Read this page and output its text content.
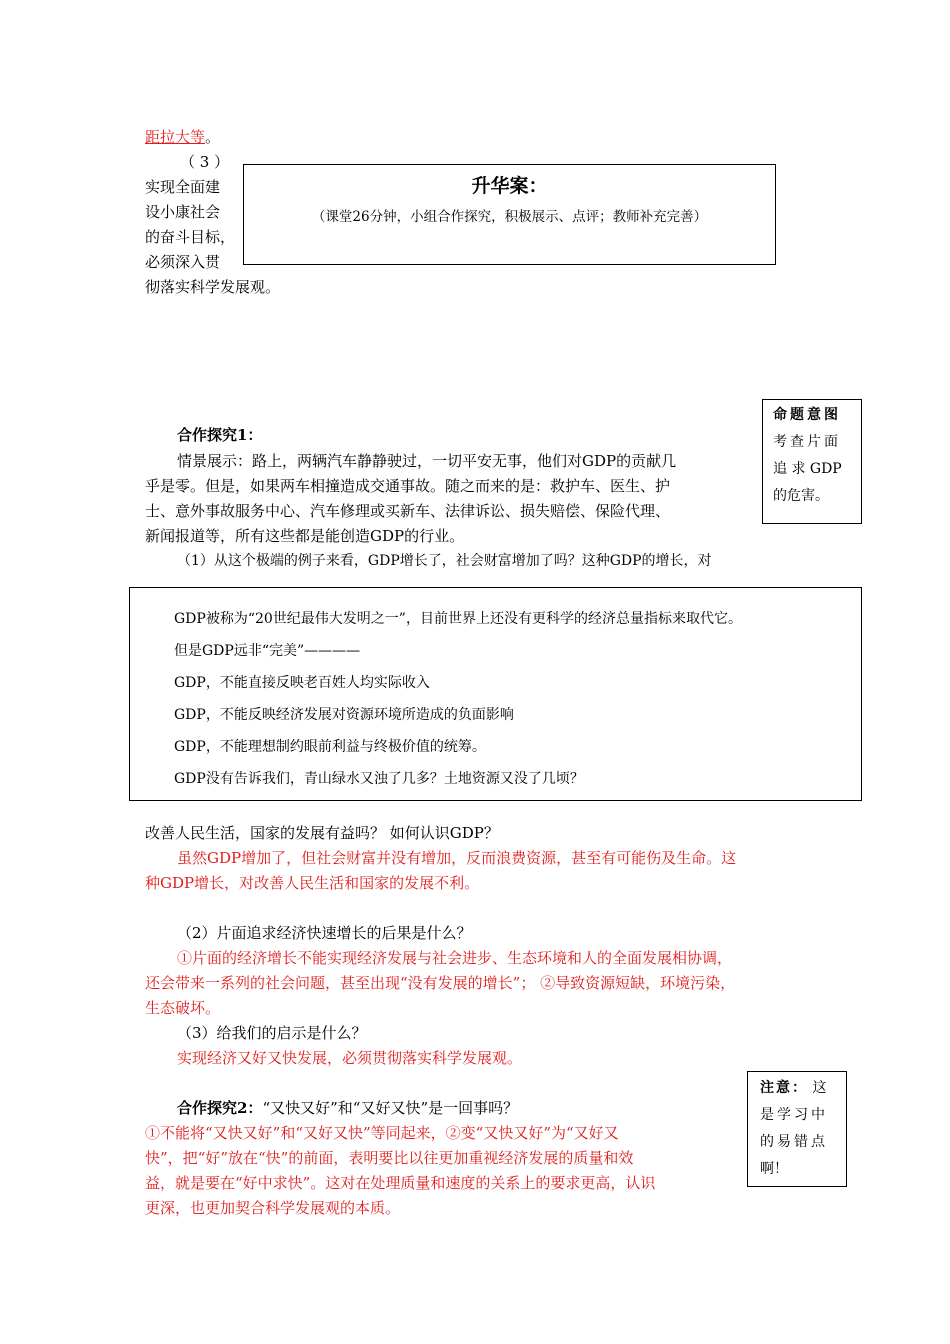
距拉大等。
（ 3 ）
实现全面建
设小康社会
的奋斗目标，
必须深入贯
彻落实科学发展观。
升华案：
（课堂26分钟，小组合作探究，积极展示、点评；教师补充完善）
命题意图
考查片面
追 求 GDP
的危害。
合作探究1：
情景展示：路上，两辆汽车静静驶过，一切平安无事，他们对GDP的贡献几
乎是零。但是，如果两车相撞造成交通事故。随之而来的是：救护车、医生、护
士、意外事故服务中心、汽车修理或买新车、法律诉讼、损失赔偿、保险代理、
新闻报道等，所有这些都是能创造GDP的行业。
（1）从这个极端的例子来看，GDP增长了，社会财富增加了吗？这种GDP的增长，对
GDP被称为“20世纪最伟大发明之一”，目前世界上还没有更科学的经济总量指标来取代它。
但是GDP远非“完美”————
GDP，不能直接反映老百姓人均实际收入
GDP，不能反映经济发展对资源环境所造成的负面影响
GDP，不能理想制约眼前利益与终极价值的统筹。
GDP没有告诉我们，青山绿水又浊了几多？土地资源又没了几顷？
改善人民生活，国家的发展有益吗？ 如何认识GDP？
虽然GDP增加了，但社会财富并没有增加，反而浪费资源，甚至有可能伤及生命。这
种GDP增长，对改善人民生活和国家的发展不利。
（2）片面追求经济快速增长的后果是什么？
①片面的经济增长不能实现经济发展与社会进步、生态环境和人的全面发展相协调，
还会带来一系列的社会问题，甚至出现“没有发展的增长”； ②导致资源短缺，环境污染，
生态破坏。
（3）给我们的启示是什么？
实现经济又好又快发展，必须贯彻落实科学发展观。
注意： 这
是学习中
的易错点
啊！
合作探究2：“又快又好”和“又好又快”是一回事吗？
①不能将“又快又好”和“又好又快”等同起来，②变“又快又好”为“又好又
快”，把“好”放在“快”的前面，表明要比以往更加重视经济发展的质量和效
益，就是要在“好中求快”。这对在处理质量和速度的关系上的要求更高，认识
更深，也更加契合科学发展观的本质。
